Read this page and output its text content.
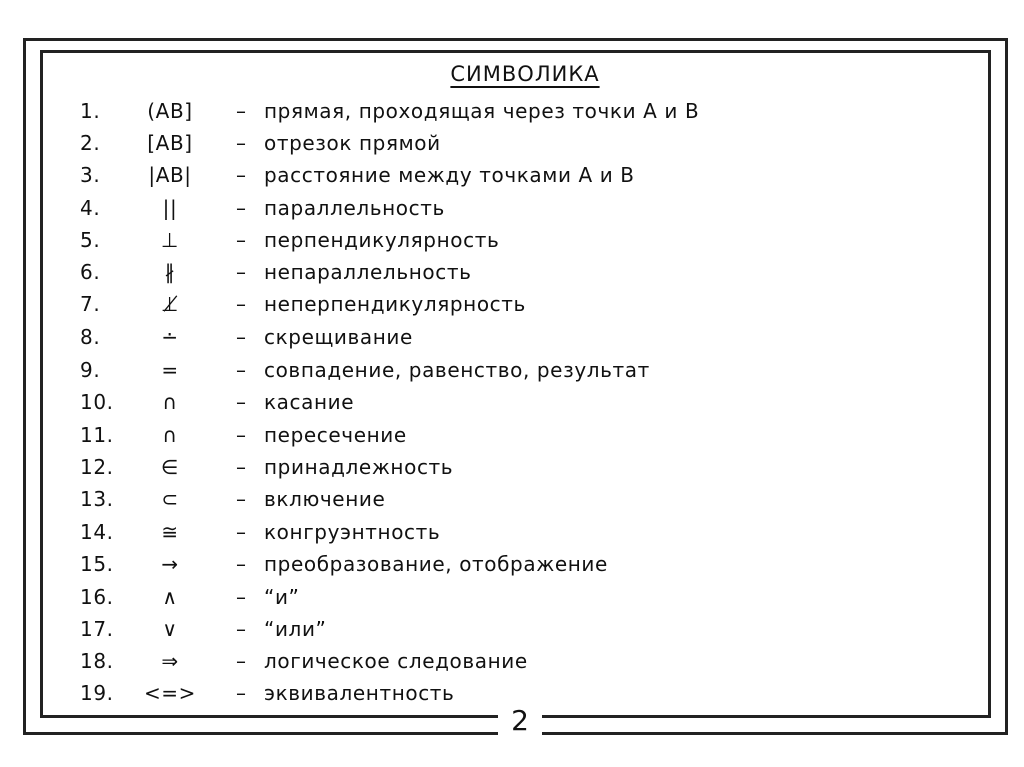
2
СИМВОЛИКА
1.	(AB]	– прямая, проходящая через точки А и В
2.	[AB]	– отрезок прямой
3.	|AB|	– расстояние между точками А и В
4.	||	– параллельность
5.	⊥	– перпендикулярность
6.	∦	– непараллельность
7.	⊥̸	– неперпендикулярность
8.	∸	– скрещивание
9.	=	– совпадение, равенство, результат
10.	∩	– касание
11.	∩	– пересечение
12.	∈	– принадлежность
13.	⊂	– включение
14.	≅	– конгруэнтность
15.	→	– преобразование, отображение
16.	∧	– “и”
17.	∨	– “или”
18.	⇒	– логическое следование
19.	<=>	– эквивалентность
